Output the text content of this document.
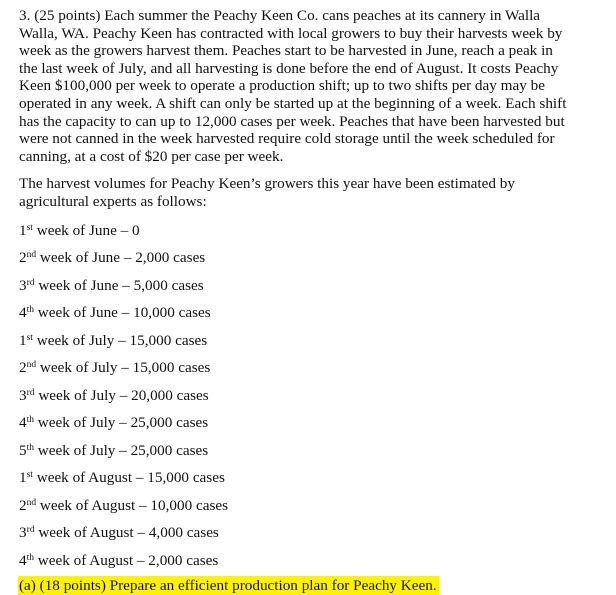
3. (25 points) Each summer the Peachy Keen Co. cans peaches at its cannery in Walla Walla, WA. Peachy Keen has contracted with local growers to buy their harvests week by week as the growers harvest them. Peaches start to be harvested in June, reach a peak in the last week of July, and all harvesting is done before the end of August. It costs Peachy Keen $100,000 per week to operate a production shift; up to two shifts per day may be operated in any week. A shift can only be started up at the beginning of a week. Each shift has the capacity to can up to 12,000 cases per week. Peaches that have been harvested but were not canned in the week harvested require cold storage until the week scheduled for canning, at a cost of $20 per case per week.

The harvest volumes for Peachy Keen’s growers this year have been estimated by agricultural experts as follows:

1st week of June – 0
2nd week of June – 2,000 cases
3rd week of June – 5,000 cases
4th week of June – 10,000 cases
1st week of July – 15,000 cases
2nd week of July – 15,000 cases
3rd week of July – 20,000 cases
4th week of July – 25,000 cases
5th week of July – 25,000 cases
1st week of August – 15,000 cases
2nd week of August – 10,000 cases
3rd week of August – 4,000 cases
4th week of August – 2,000 cases
(a) (18 points) Prepare an efficient production plan for Peachy Keen.
